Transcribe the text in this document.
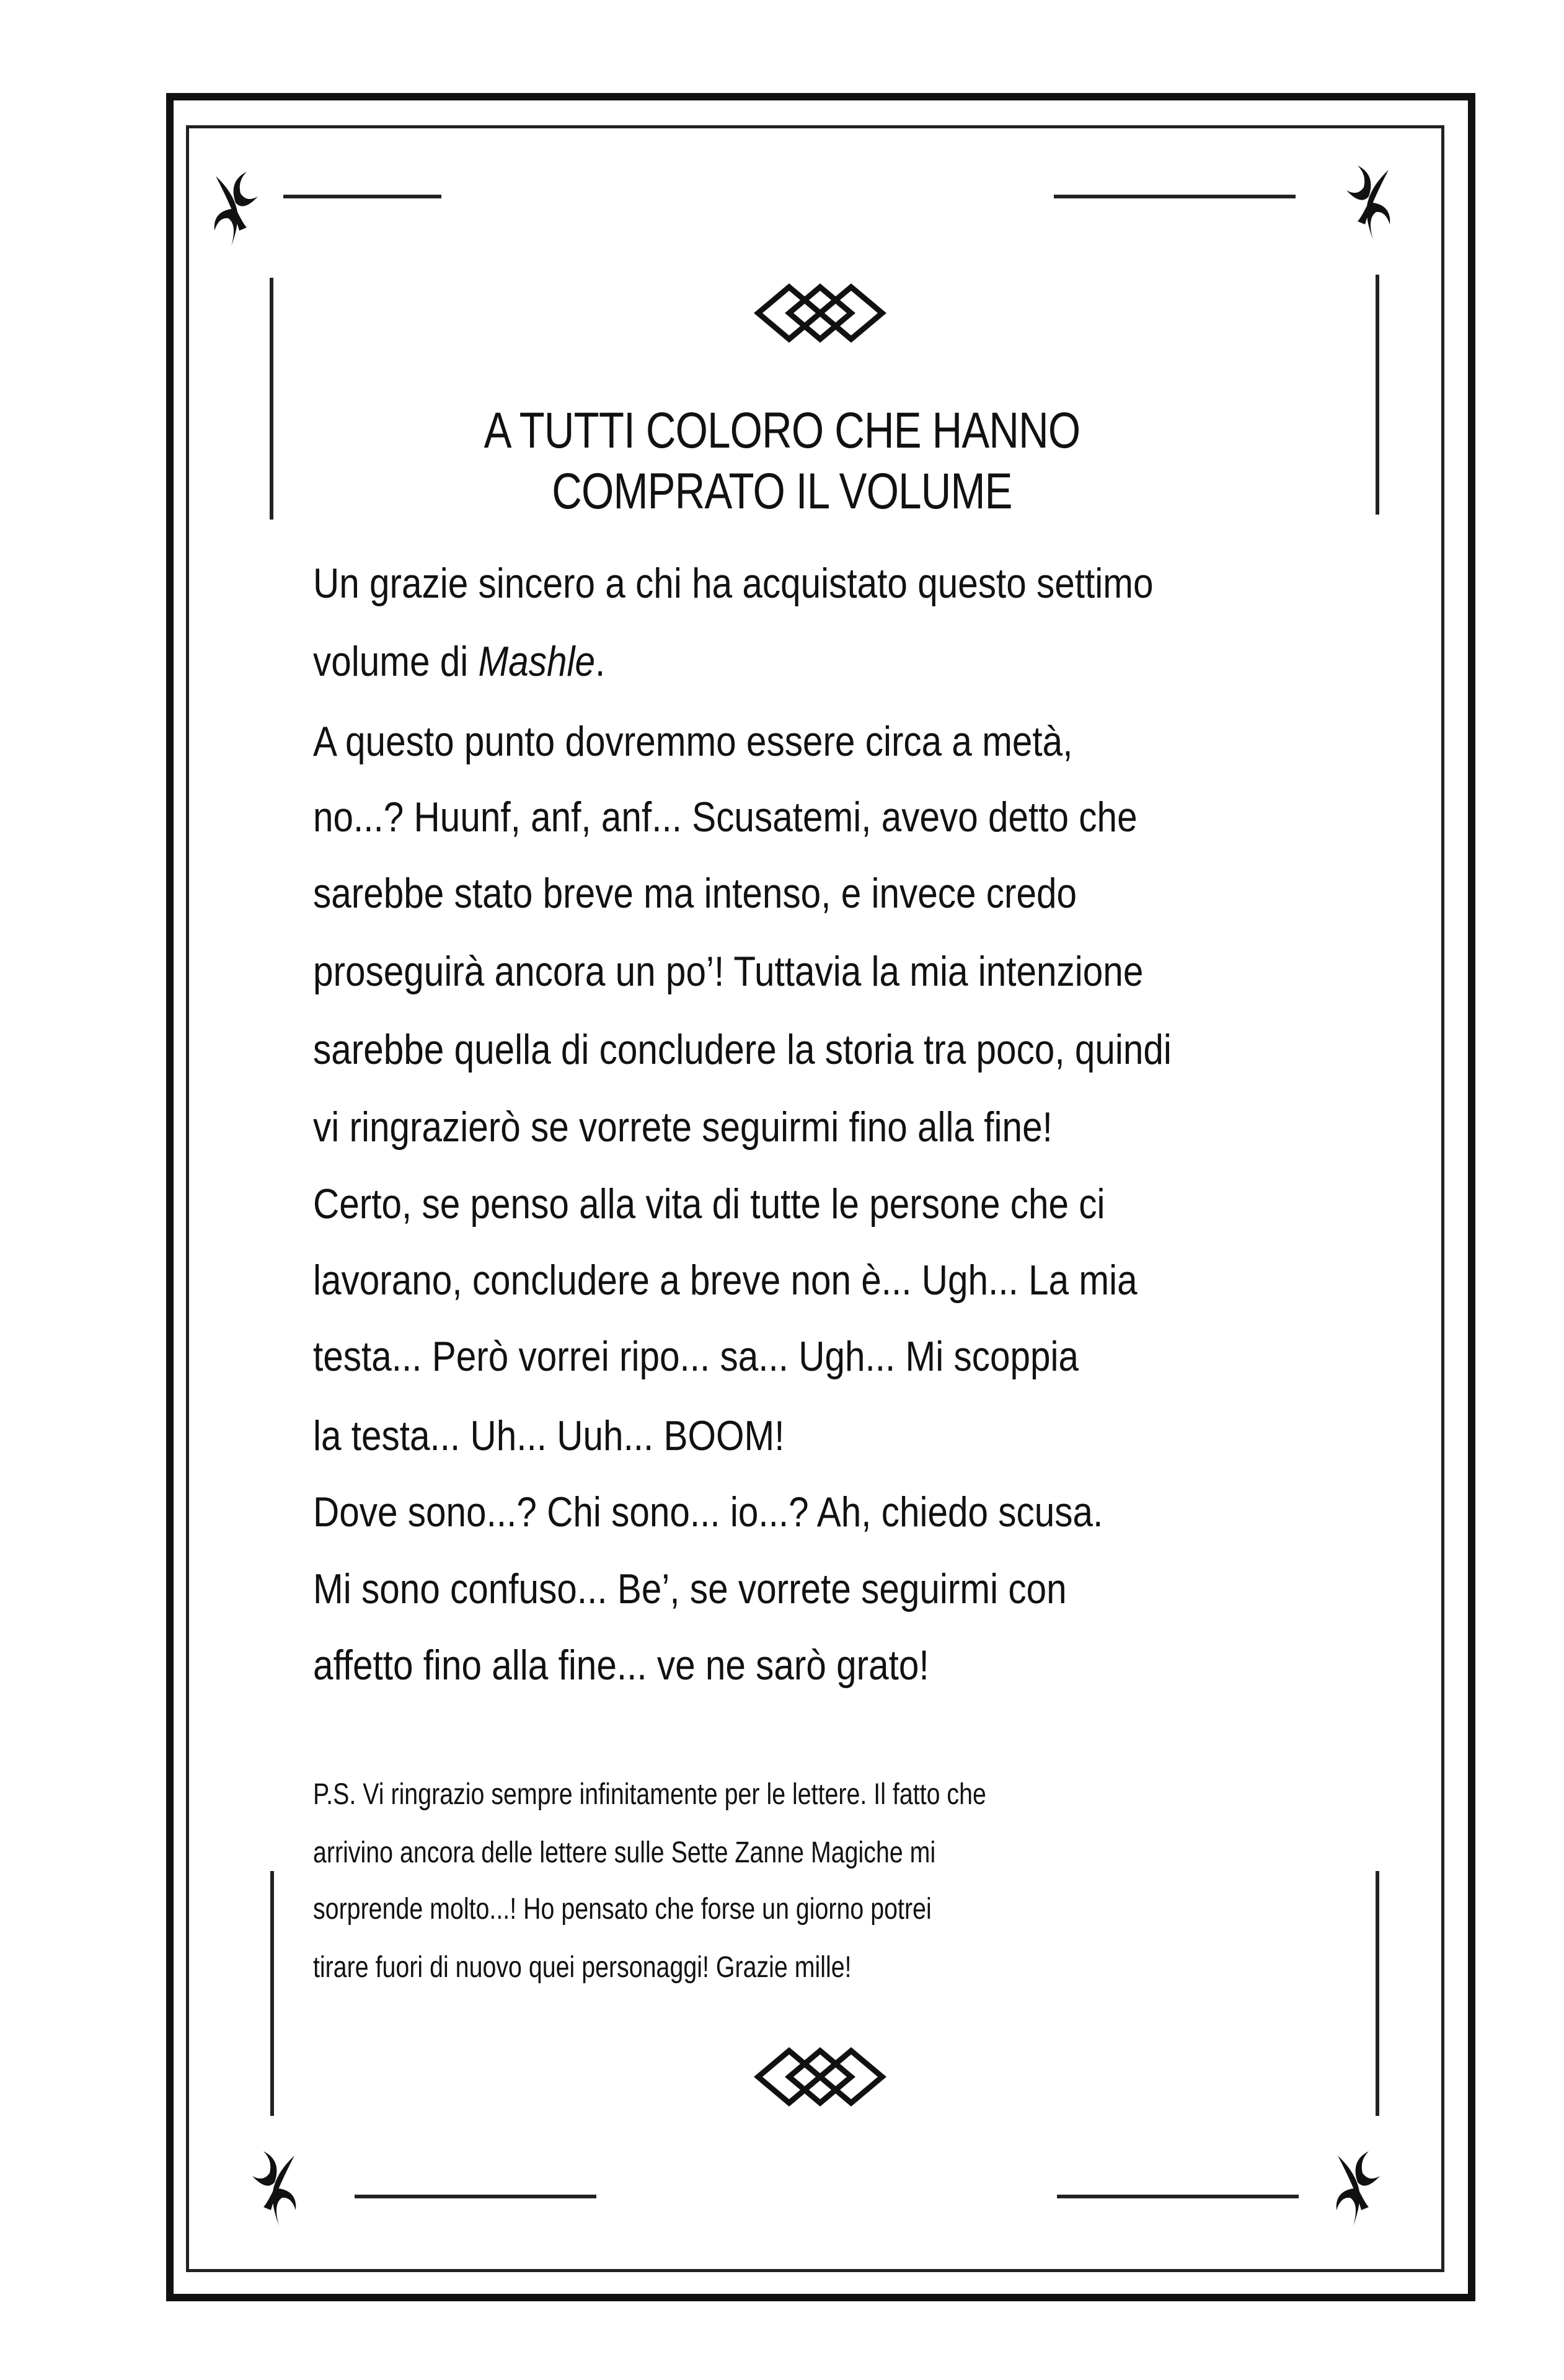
A TUTTI COLORO CHE HANNO
COMPRATO IL VOLUME
Un grazie sincero a chi ha acquistato questo settimo
volume di Mashle.
A questo punto dovremmo essere circa a metà,
no...? Huunf, anf, anf... Scusatemi, avevo detto che
sarebbe stato breve ma intenso, e invece credo
proseguirà ancora un po’! Tuttavia la mia intenzione
sarebbe quella di concludere la storia tra poco, quindi
vi ringrazierò se vorrete seguirmi fino alla fine!
Certo, se penso alla vita di tutte le persone che ci
lavorano, concludere a breve non è... Ugh... La mia
testa... Però vorrei ripo... sa... Ugh... Mi scoppia
la testa... Uh... Uuh... BOOM!
Dove sono...? Chi sono... io...? Ah, chiedo scusa.
Mi sono confuso... Be’, se vorrete seguirmi con
affetto fino alla fine... ve ne sarò grato!
P.S. Vi ringrazio sempre infinitamente per le lettere. Il fatto che
arrivino ancora delle lettere sulle Sette Zanne Magiche mi
sorprende molto...! Ho pensato che forse un giorno potrei
tirare fuori di nuovo quei personaggi! Grazie mille!
